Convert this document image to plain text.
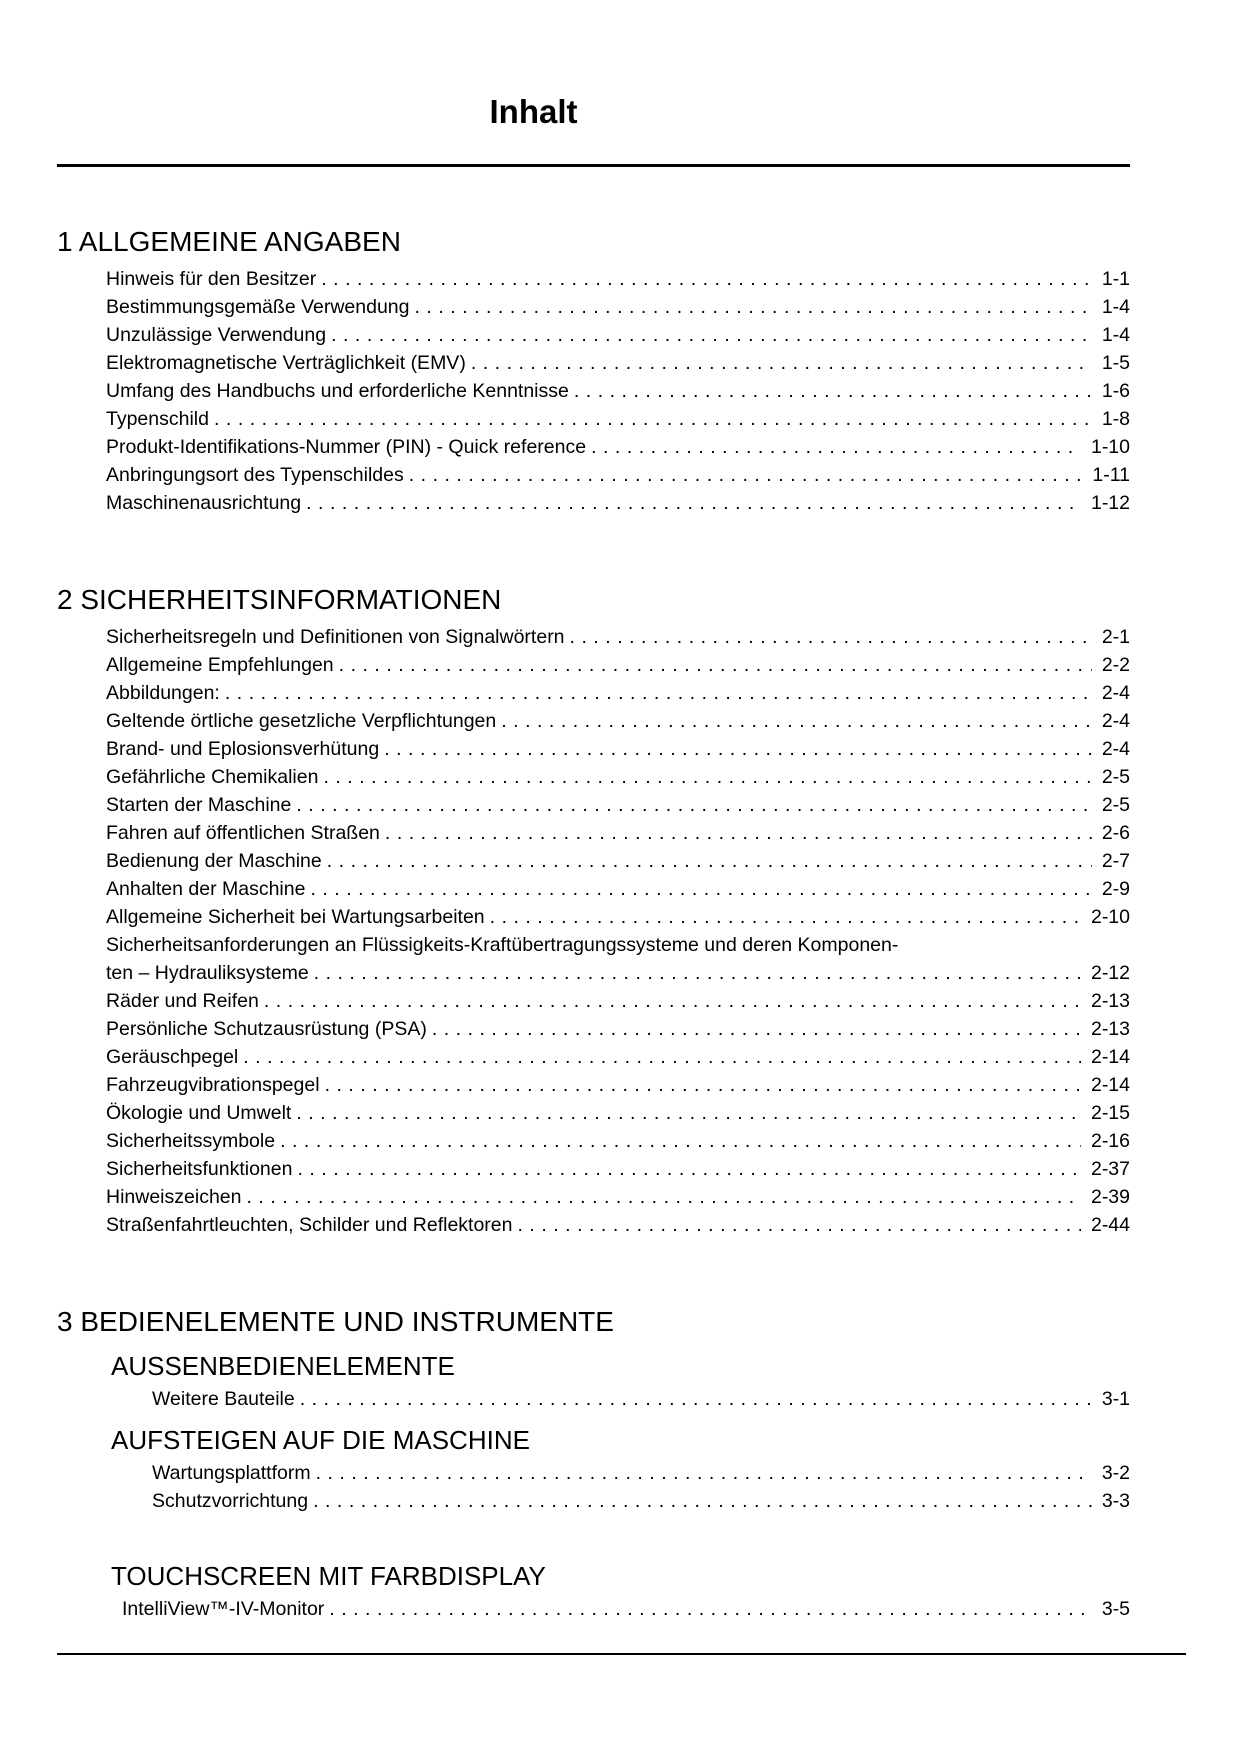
Inhalt
1 ALLGEMEINE ANGABEN
Hinweis für den Besitzer .....	1-1
Bestimmungsgemäße Verwendung .....	1-4
Unzulässige Verwendung .....	1-4
Elektromagnetische Verträglichkeit (EMV) .....	1-5
Umfang des Handbuchs und erforderliche Kenntnisse .....	1-6
Typenschild .....	1-8
Produkt-Identifikations-Nummer (PIN) - Quick reference .....	1-10
Anbringungsort des Typenschildes .....	1-11
Maschinenausrichtung .....	1-12
2 SICHERHEITSINFORMATIONEN
Sicherheitsregeln und Definitionen von Signalwörtern .....	2-1
Allgemeine Empfehlungen .....	2-2
Abbildungen: .....	2-4
Geltende örtliche gesetzliche Verpflichtungen .....	2-4
Brand- und Eplosionsverhütung .....	2-4
Gefährliche Chemikalien .....	2-5
Starten der Maschine .....	2-5
Fahren auf öffentlichen Straßen .....	2-6
Bedienung der Maschine .....	2-7
Anhalten der Maschine .....	2-9
Allgemeine Sicherheit bei Wartungsarbeiten .....	2-10
Sicherheitsanforderungen an Flüssigkeits-Kraftübertragungssysteme und deren Komponen-
ten – Hydrauliksysteme .....	2-12
Räder und Reifen .....	2-13
Persönliche Schutzausrüstung (PSA) .....	2-13
Geräuschpegel .....	2-14
Fahrzeugvibrationspegel .....	2-14
Ökologie und Umwelt .....	2-15
Sicherheitssymbole .....	2-16
Sicherheitsfunktionen .....	2-37
Hinweiszeichen .....	2-39
Straßenfahrtleuchten, Schilder und Reflektoren .....	2-44
3 BEDIENELEMENTE UND INSTRUMENTE
AUSSENBEDIENELEMENTE
Weitere Bauteile .....	3-1
AUFSTEIGEN AUF DIE MASCHINE
Wartungsplattform .....	3-2
Schutzvorrichtung .....	3-3
TOUCHSCREEN MIT FARBDISPLAY
IntelliView™-IV-Monitor .....	3-5
